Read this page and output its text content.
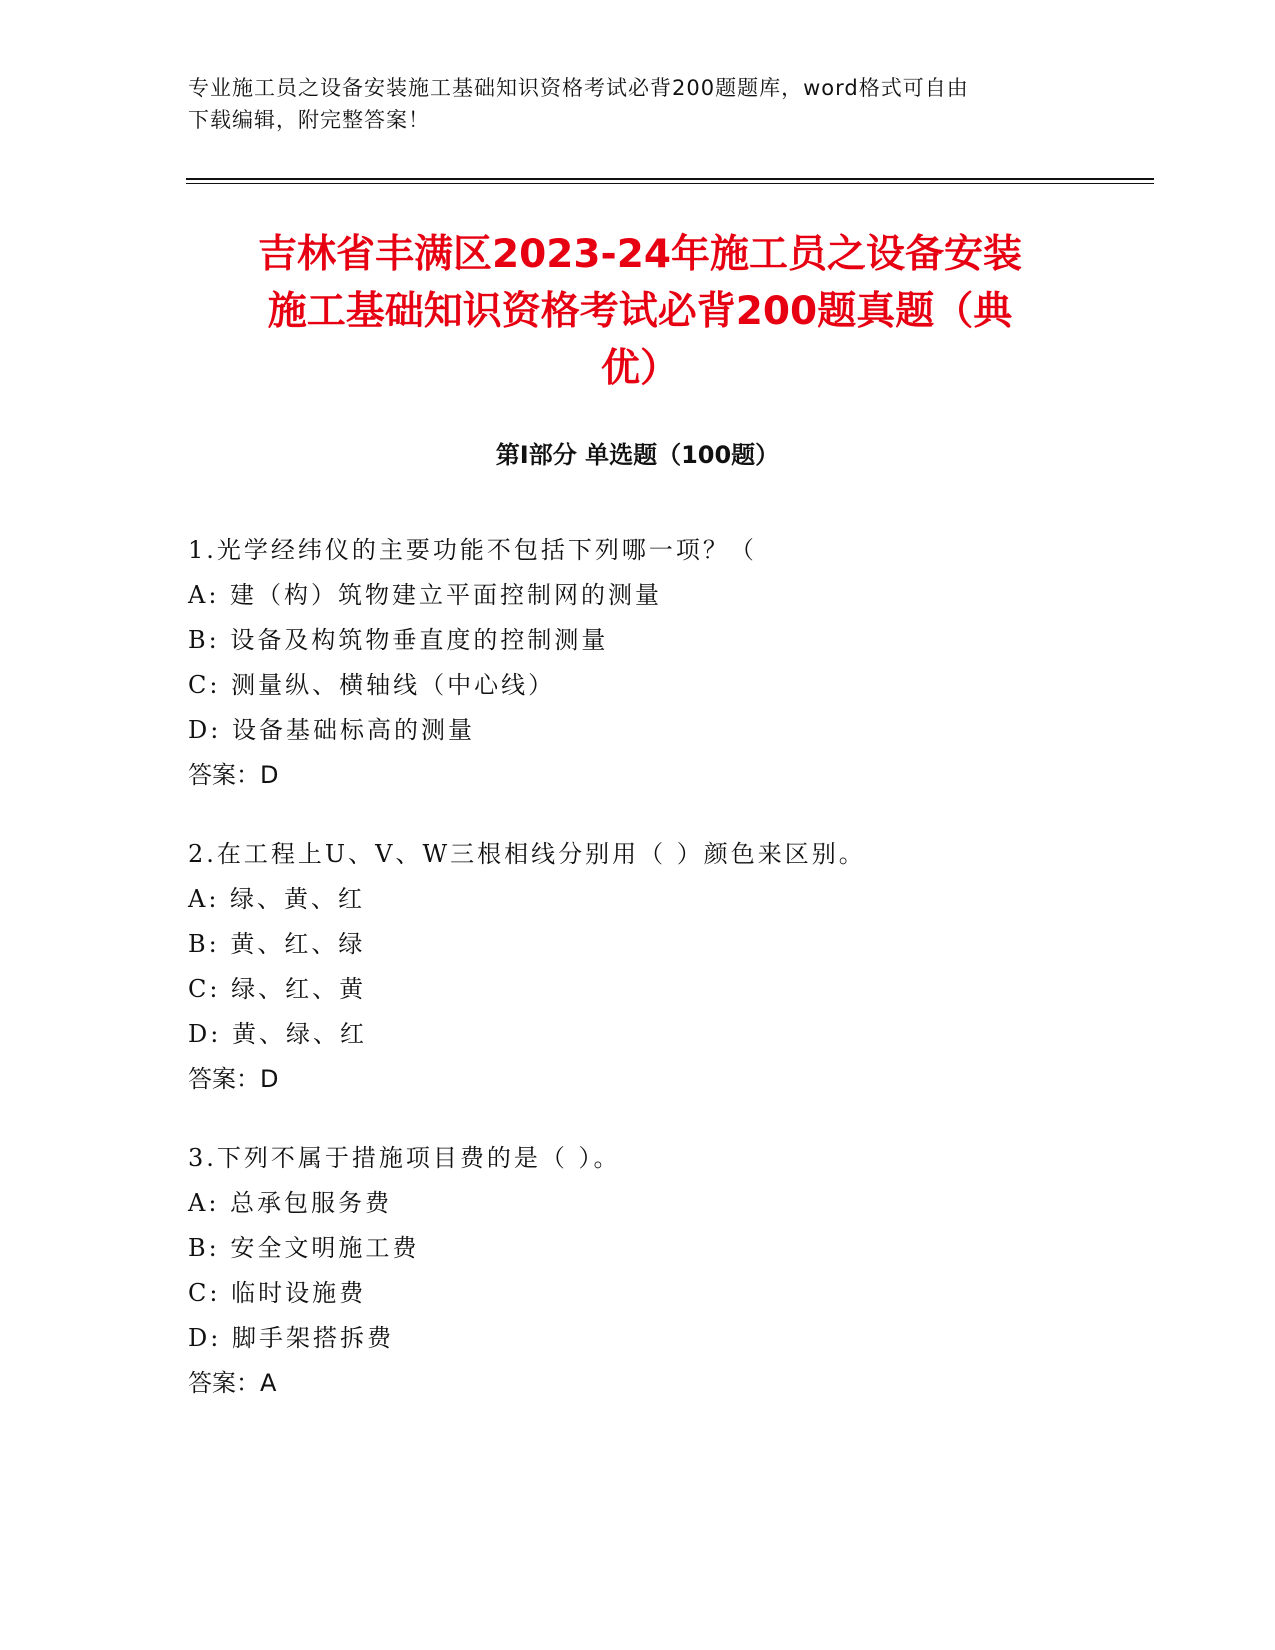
专业施工员之设备安装施工基础知识资格考试必背200题题库，word格式可自由
下载编辑，附完整答案！
吉林省丰满区2023-24年施工员之设备安装
施工基础知识资格考试必背200题真题（典
优）
第Ⅰ部分 单选题（100题）
1.光学经纬仪的主要功能不包括下列哪一项？（
A: 建（构）筑物建立平面控制网的测量
B: 设备及构筑物垂直度的控制测量
C: 测量纵、横轴线（中心线）
D: 设备基础标高的测量
答案：D
2.在工程上U、V、W三根相线分别用（ ）颜色来区别。
A: 绿、黄、红
B: 黄、红、绿
C: 绿、红、黄
D: 黄、绿、红
答案：D
3.下列不属于措施项目费的是（ ）。
A: 总承包服务费
B: 安全文明施工费
C: 临时设施费
D: 脚手架搭拆费
答案：A
